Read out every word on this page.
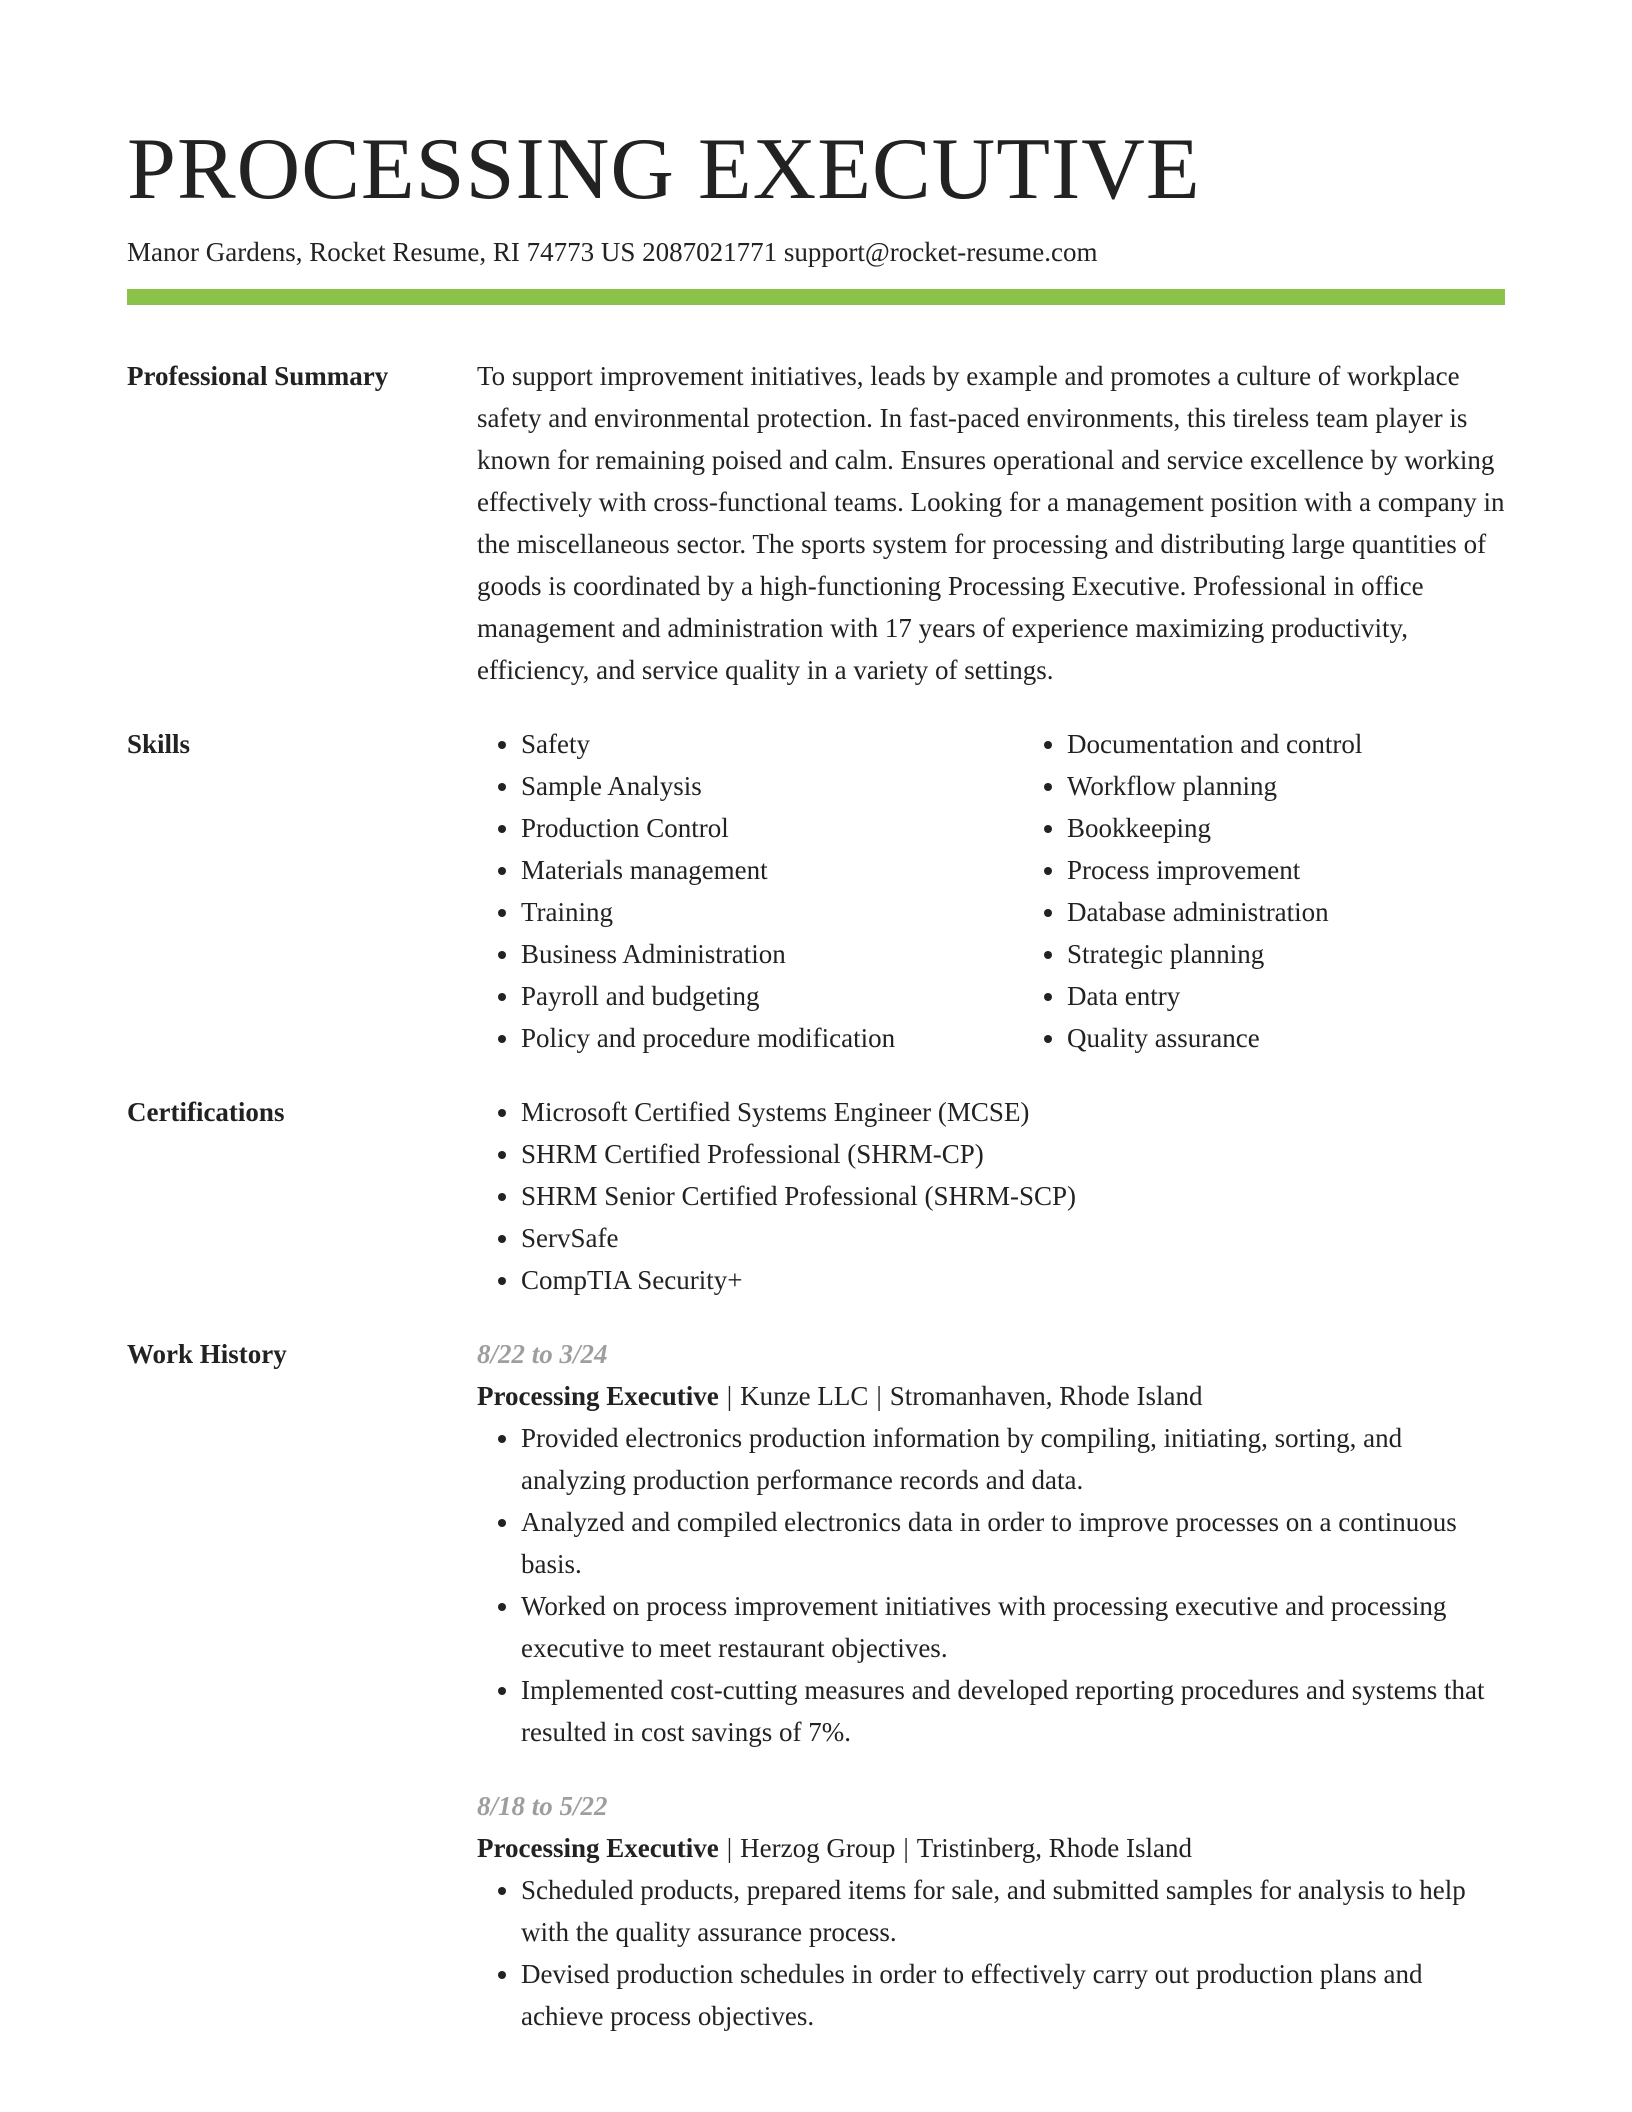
PROCESSING EXECUTIVE
Manor Gardens, Rocket Resume, RI 74773 US 2087021771 support@rocket-resume.com
Professional Summary	To support improvement initiatives, leads by example and promotes a culture of workplace safety and environmental protection. In fast-paced environments, this tireless team player is known for remaining poised and calm. Ensures operational and service excellence by working effectively with cross-functional teams. Looking for a management position with a company in the miscellaneous sector. The sports system for processing and distributing large quantities of goods is coordinated by a high-functioning Processing Executive. Professional in office management and administration with 17 years of experience maximizing productivity, efficiency, and service quality in a variety of settings.
Skills	• Safety
• Sample Analysis
• Production Control
• Materials management
• Training
• Business Administration
• Payroll and budgeting
• Policy and procedure modification
• Documentation and control
• Workflow planning
• Bookkeeping
• Process improvement
• Database administration
• Strategic planning
• Data entry
• Quality assurance
Certifications	• Microsoft Certified Systems Engineer (MCSE)
• SHRM Certified Professional (SHRM-CP)
• SHRM Senior Certified Professional (SHRM-SCP)
• ServSafe
• CompTIA Security+
Work History	8/22 to 3/24
Processing Executive | Kunze LLC | Stromanhaven, Rhode Island
• Provided electronics production information by compiling, initiating, sorting, and analyzing production performance records and data.
• Analyzed and compiled electronics data in order to improve processes on a continuous basis.
• Worked on process improvement initiatives with processing executive and processing executive to meet restaurant objectives.
• Implemented cost-cutting measures and developed reporting procedures and systems that resulted in cost savings of 7%.
8/18 to 5/22
Processing Executive | Herzog Group | Tristinberg, Rhode Island
• Scheduled products, prepared items for sale, and submitted samples for analysis to help with the quality assurance process.
• Devised production schedules in order to effectively carry out production plans and achieve process objectives.
